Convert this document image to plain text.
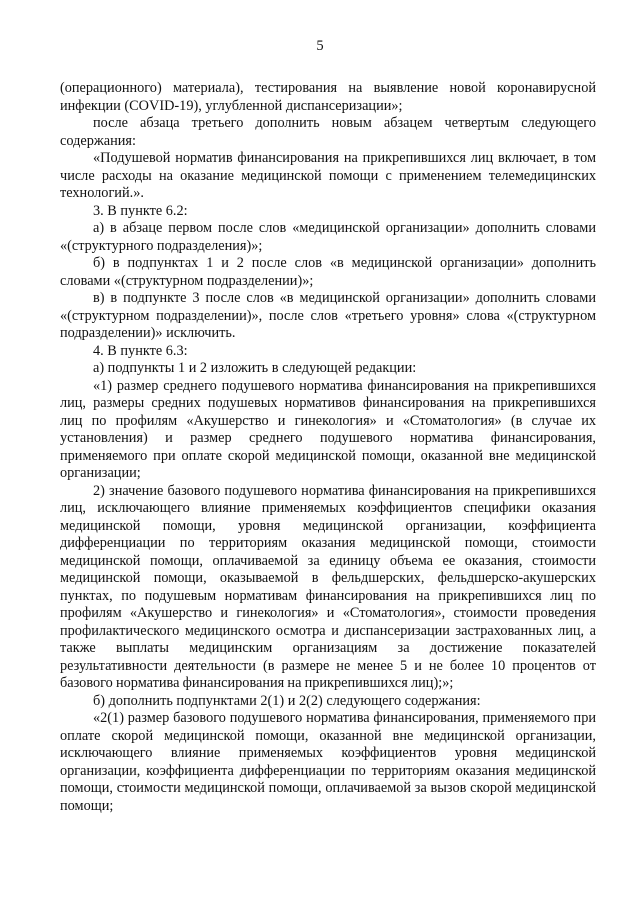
5

(операционного) материала), тестирования на выявление новой коронавирусной инфекции (COVID-19), углубленной диспансеризации»;

после абзаца третьего дополнить новым абзацем четвертым следующего содержания:

«Подушевой норматив финансирования на прикрепившихся лиц включает, в том числе расходы на оказание медицинской помощи с применением телемедицинских технологий.».

3. В пункте 6.2:

а) в абзаце первом после слов «медицинской организации» дополнить словами «(структурного подразделения)»;

б) в подпунктах 1 и 2 после слов «в медицинской организации» дополнить словами «(структурном подразделении)»;

в) в подпункте 3 после слов «в медицинской организации» дополнить словами «(структурном подразделении)», после слов «третьего уровня» слова «(структурном подразделении)» исключить.

4. В пункте 6.3:

а) подпункты 1 и 2 изложить в следующей редакции:

«1) размер среднего подушевого норматива финансирования на прикрепившихся лиц, размеры средних подушевых нормативов финансирования на прикрепившихся лиц по профилям «Акушерство и гинекология» и «Стоматология» (в случае их установления) и размер среднего подушевого норматива финансирования, применяемого при оплате скорой медицинской помощи, оказанной вне медицинской организации;

2) значение базового подушевого норматива финансирования на прикрепившихся лиц, исключающего влияние применяемых коэффициентов специфики оказания медицинской помощи, уровня медицинской организации, коэффициента дифференциации по территориям оказания медицинской помощи, стоимости медицинской помощи, оплачиваемой за единицу объема ее оказания, стоимости медицинской помощи, оказываемой в фельдшерских, фельдшерско-акушерских пунктах, по подушевым нормативам финансирования на прикрепившихся лиц по профилям «Акушерство и гинекология» и «Стоматология», стоимости проведения профилактического медицинского осмотра и диспансеризации застрахованных лиц, а также выплаты медицинским организациям за достижение показателей результативности деятельности (в размере не менее 5 и не более 10 процентов от базового норматива финансирования на прикрепившихся лиц);»;

б) дополнить подпунктами 2(1) и 2(2) следующего содержания:

«2(1) размер базового подушевого норматива финансирования, применяемого при оплате скорой медицинской помощи, оказанной вне медицинской организации, исключающего влияние применяемых коэффициентов уровня медицинской организации, коэффициента дифференциации по территориям оказания медицинской помощи, стоимости медицинской помощи, оплачиваемой за вызов скорой медицинской помощи;
